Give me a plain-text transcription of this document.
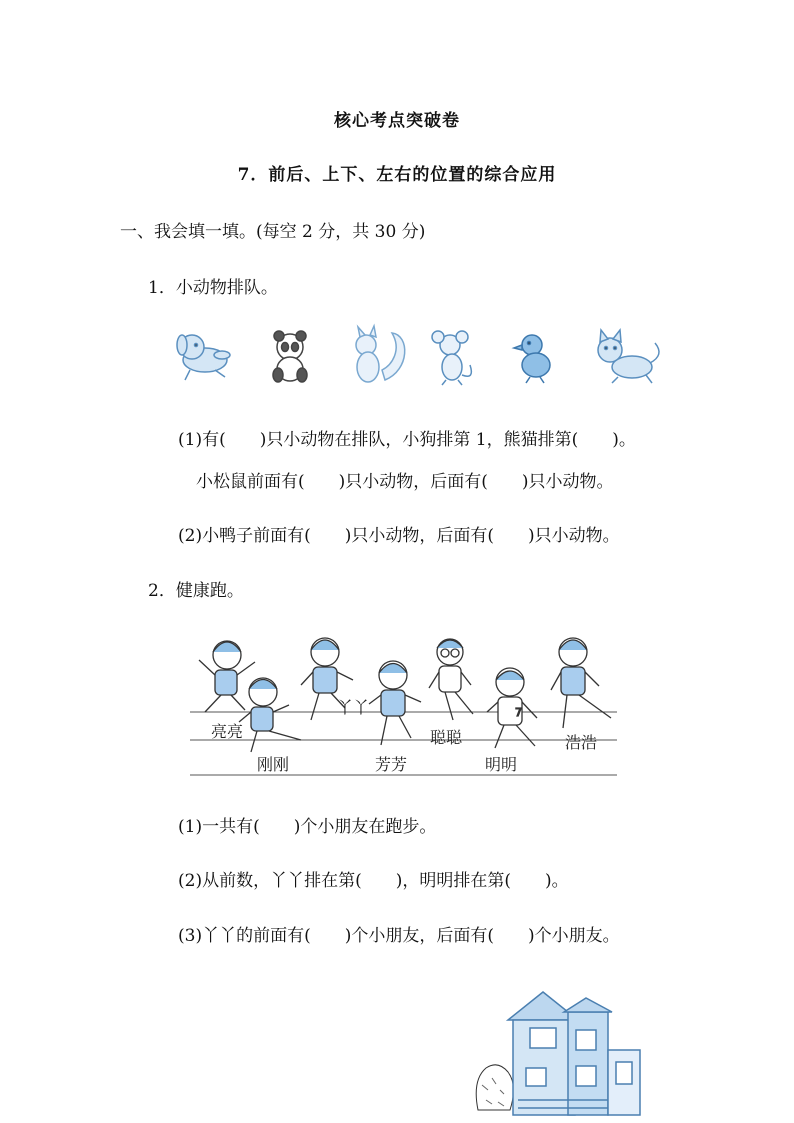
核心考点突破卷
7．前后、上下、左右的位置的综合应用
一、我会填一填。(每空 2 分，共 30 分)
1．小动物排队。
(1)有(　　)只小动物在排队，小狗排第 1，熊猫排第(　　)。
小松鼠前面有(　　)只小动物，后面有(　　)只小动物。
(2)小鸭子前面有(　　)只小动物，后面有(　　)只小动物。
2．健康跑。
7
亮亮
丫丫
刚刚	芳芳
聪聪
明明
浩浩
(1)一共有(　　)个小朋友在跑步。
(2)从前数，丫丫排在第(　　)，明明排在第(　　)。
(3)丫丫的前面有(　　)个小朋友，后面有(　　)个小朋友。
